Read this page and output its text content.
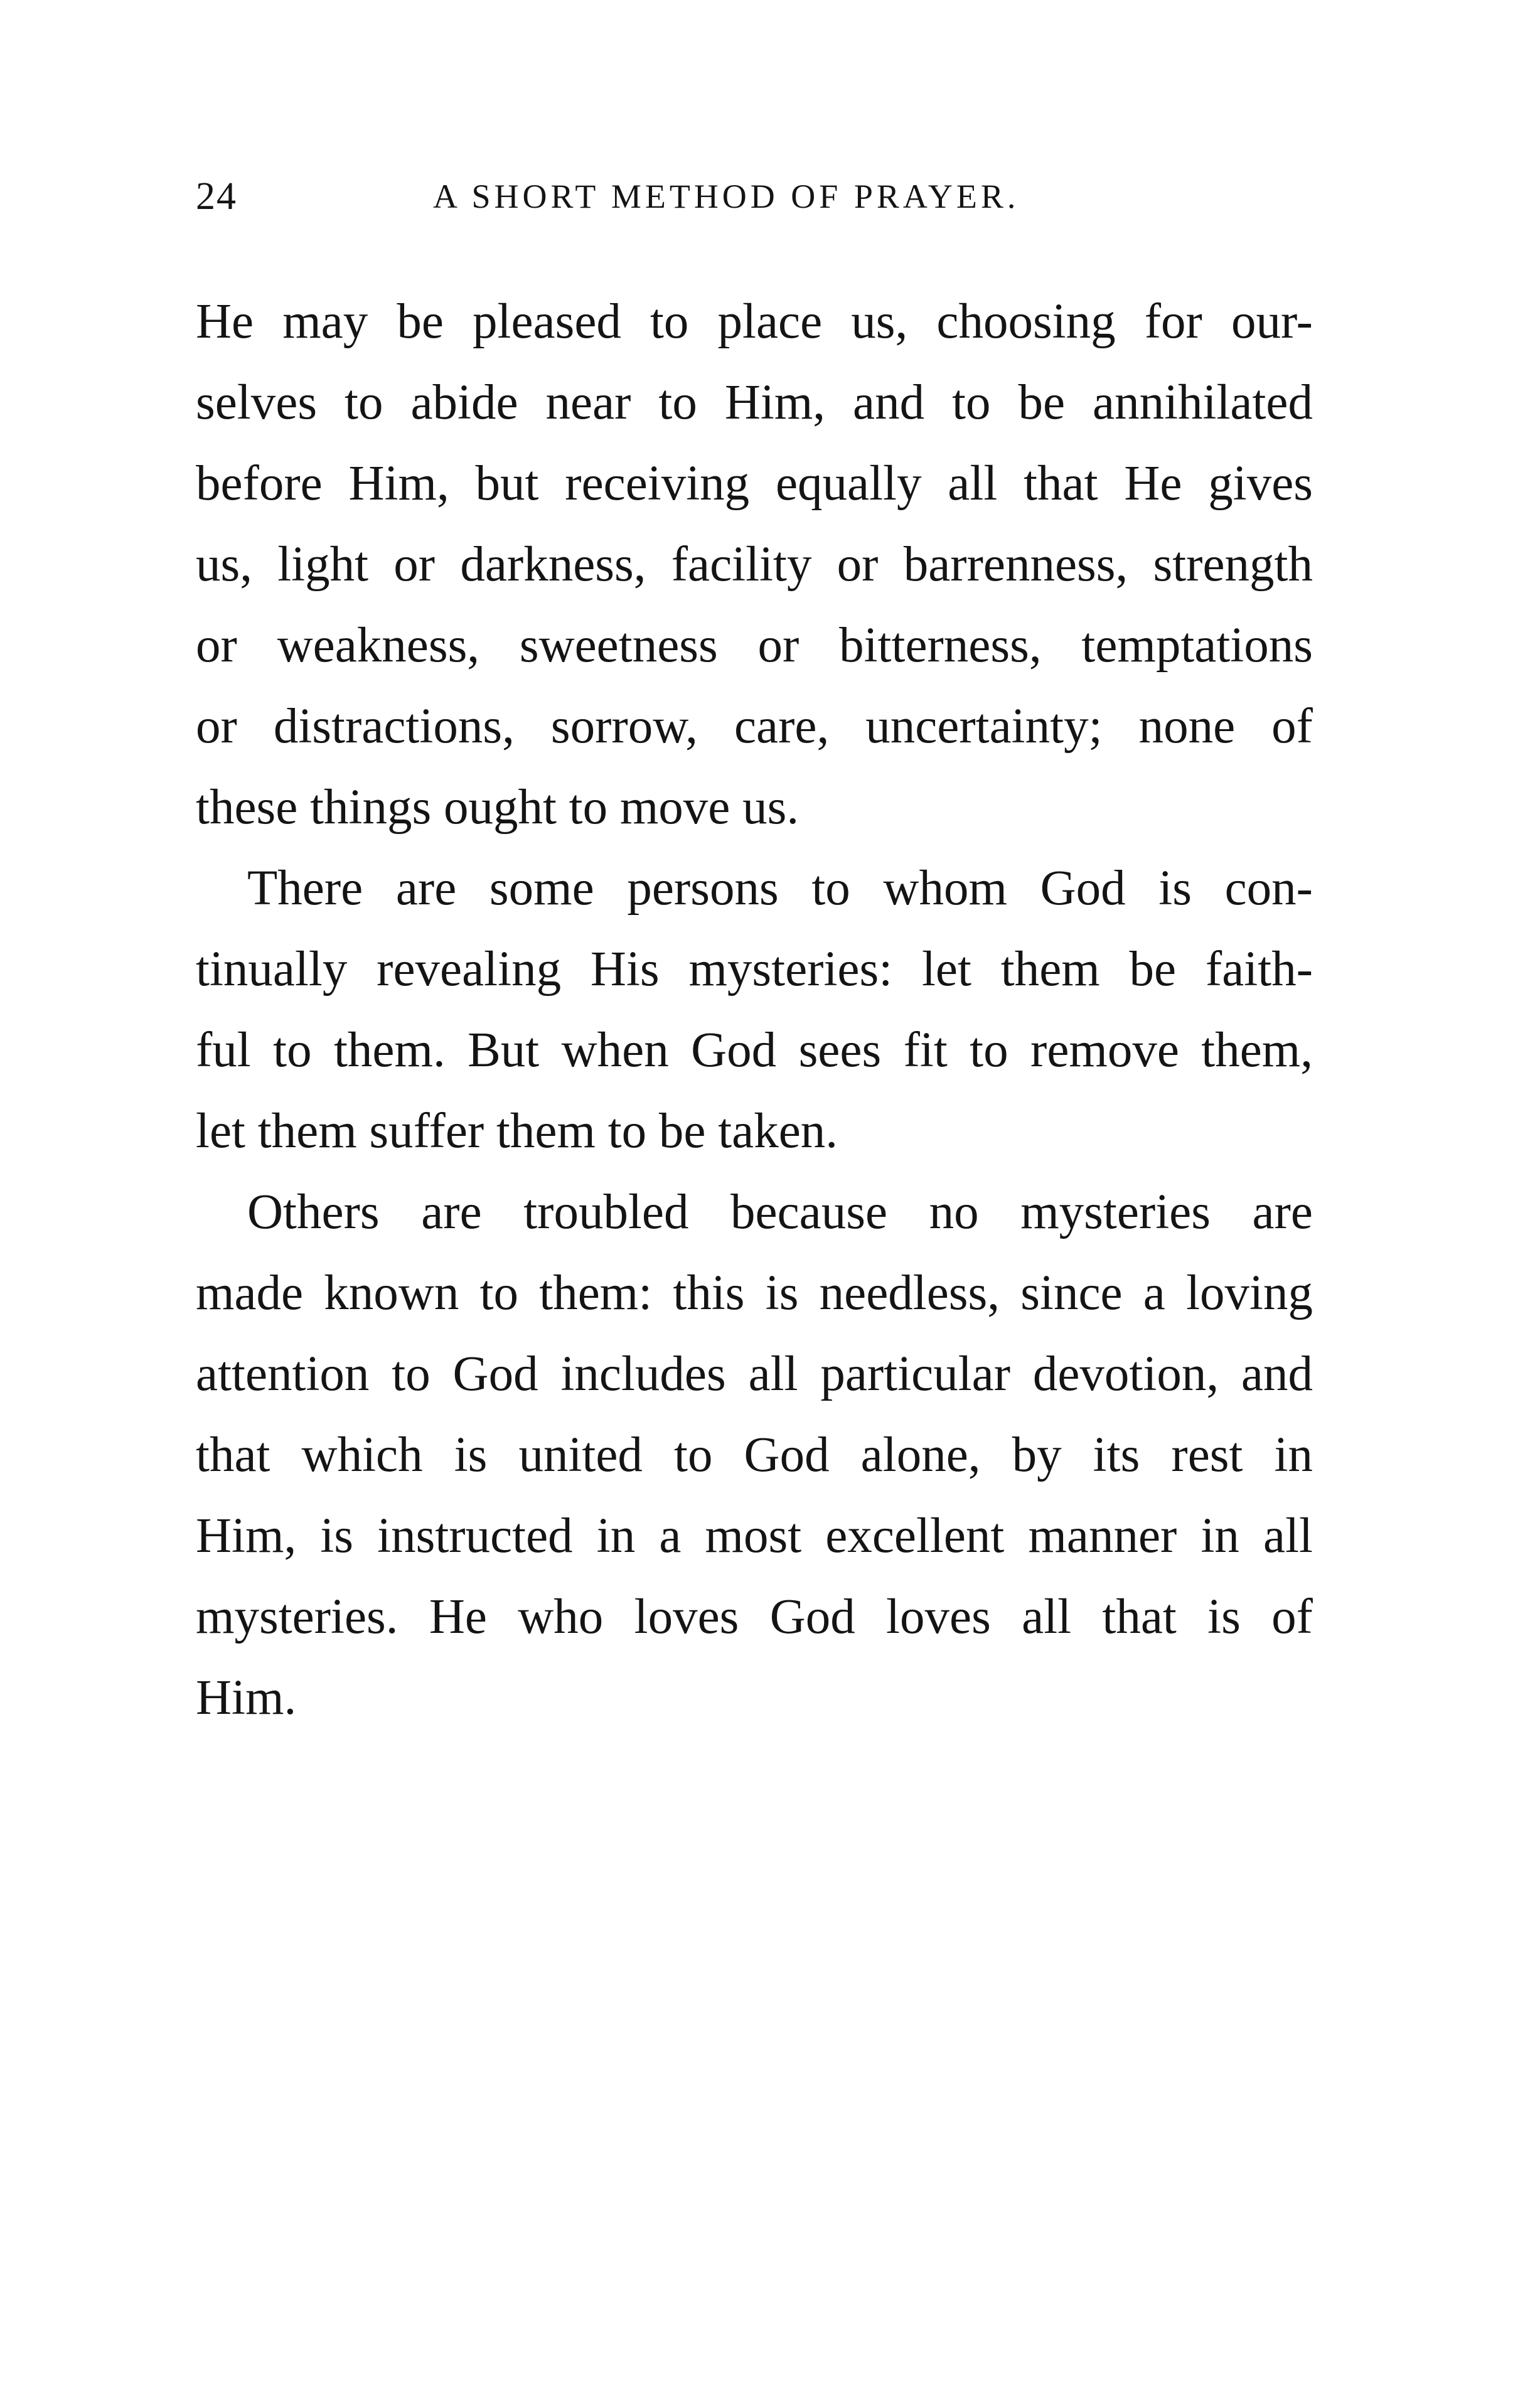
24	A SHORT METHOD OF PRAYER.
He may be pleased to place us, choosing for our-
selves to abide near to Him, and to be annihilated
before Him, but receiving equally all that He gives
us, light or darkness, facility or barrenness, strength
or weakness, sweetness or bitterness, temptations
or distractions, sorrow, care, uncertainty; none of
these things ought to move us.
There are some persons to whom God is con-
tinually revealing His mysteries: let them be faith-
ful to them. But when God sees fit to remove them,
let them suffer them to be taken.
Others are troubled because no mysteries are
made known to them: this is needless, since a loving
attention to God includes all particular devotion, and
that which is united to God alone, by its rest in
Him, is instructed in a most excellent manner in all
mysteries. He who loves God loves all that is of
Him.
